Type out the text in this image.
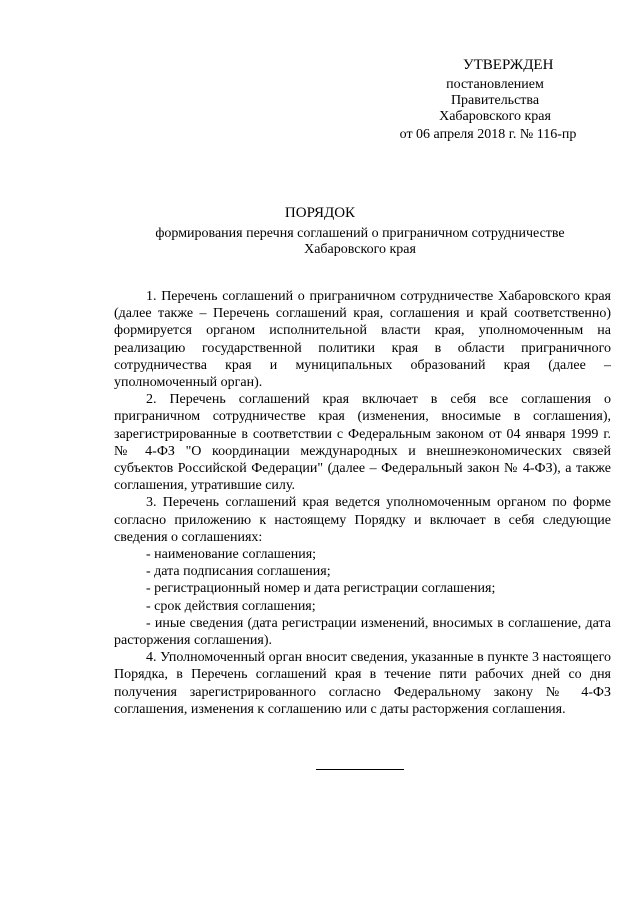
УТВЕРЖДЕН
постановлением
Правительства
Хабаровского края
от 06 апреля 2018 г. № 116-пр
ПОРЯДОК
формирования перечня соглашений о приграничном сотрудничестве
Хабаровского края

1. Перечень соглашений о приграничном сотрудничестве Хабаровского края (далее также – Перечень соглашений края, соглашения и край соответственно) формируется органом исполнительной власти края, уполномоченным на реализацию государственной политики края в области приграничного сотрудничества края и муниципальных образований края (далее – уполномоченный орган).

2. Перечень соглашений края включает в себя все соглашения о приграничном сотрудничестве края (изменения, вносимые в соглашения), зарегистрированные в соответствии с Федеральным законом от 04 января 1999 г. № 4-ФЗ "О координации международных и внешнеэкономических связей субъектов Российской Федерации" (далее – Федеральный закон № 4-ФЗ), а также соглашения, утратившие силу.

3. Перечень соглашений края ведется уполномоченным органом по форме согласно приложению к настоящему Порядку и включает в себя следующие сведения о соглашениях:

- наименование соглашения;

- дата подписания соглашения;

- регистрационный номер и дата регистрации соглашения;

- срок действия соглашения;

- иные сведения (дата регистрации изменений, вносимых в соглашение, дата расторжения соглашения).

4. Уполномоченный орган вносит сведения, указанные в пункте 3 настоящего Порядка, в Перечень соглашений края в течение пяти рабочих дней со дня получения зарегистрированного согласно Федеральному закону № 4-ФЗ соглашения, изменения к соглашению или с даты расторжения соглашения.
